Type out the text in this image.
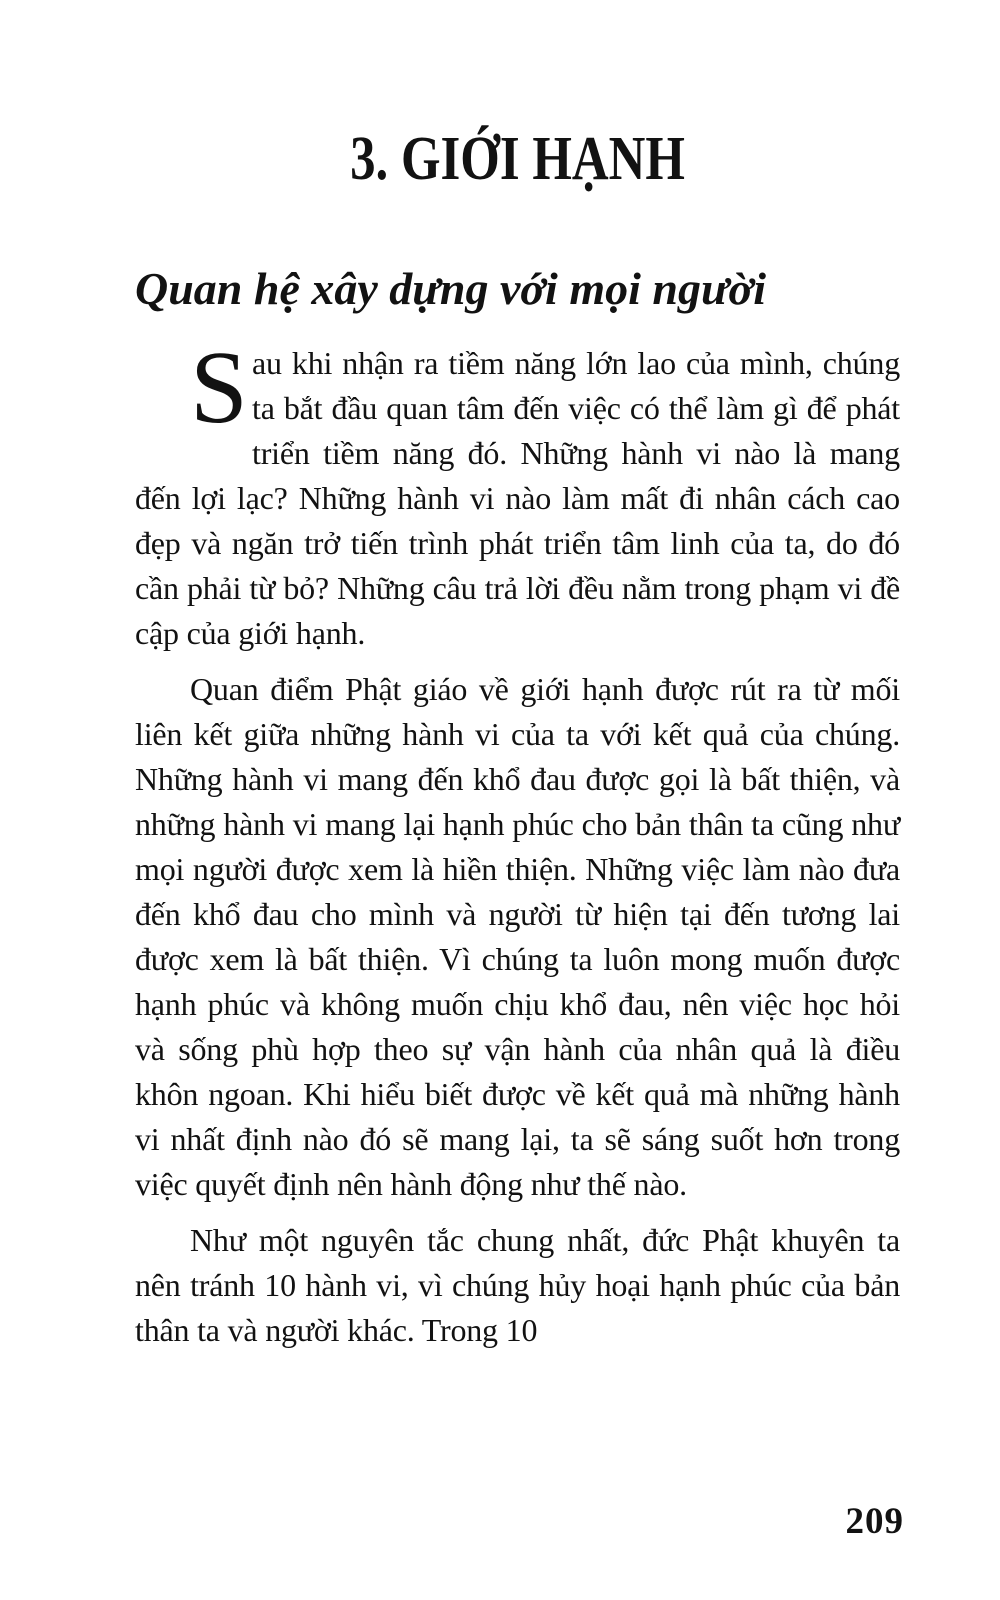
3. GIỚI HẠNH
Quan hệ xây dựng với mọi người

Sau khi nhận ra tiềm năng lớn lao của mình, chúng ta bắt đầu quan tâm đến việc có thể làm gì để phát triển tiềm năng đó. Những hành vi nào là mang đến lợi lạc? Những hành vi nào làm mất đi nhân cách cao đẹp và ngăn trở tiến trình phát triển tâm linh của ta, do đó cần phải từ bỏ? Những câu trả lời đều nằm trong phạm vi đề cập của giới hạnh.

Quan điểm Phật giáo về giới hạnh được rút ra từ mối liên kết giữa những hành vi của ta với kết quả của chúng. Những hành vi mang đến khổ đau được gọi là bất thiện, và những hành vi mang lại hạnh phúc cho bản thân ta cũng như mọi người được xem là hiền thiện. Những việc làm nào đưa đến khổ đau cho mình và người từ hiện tại đến tương lai được xem là bất thiện. Vì chúng ta luôn mong muốn được hạnh phúc và không muốn chịu khổ đau, nên việc học hỏi và sống phù hợp theo sự vận hành của nhân quả là điều khôn ngoan. Khi hiểu biết được về kết quả mà những hành vi nhất định nào đó sẽ mang lại, ta sẽ sáng suốt hơn trong việc quyết định nên hành động như thế nào.

Như một nguyên tắc chung nhất, đức Phật khuyên ta nên tránh 10 hành vi, vì chúng hủy hoại hạnh phúc của bản thân ta và người khác. Trong 10

209
